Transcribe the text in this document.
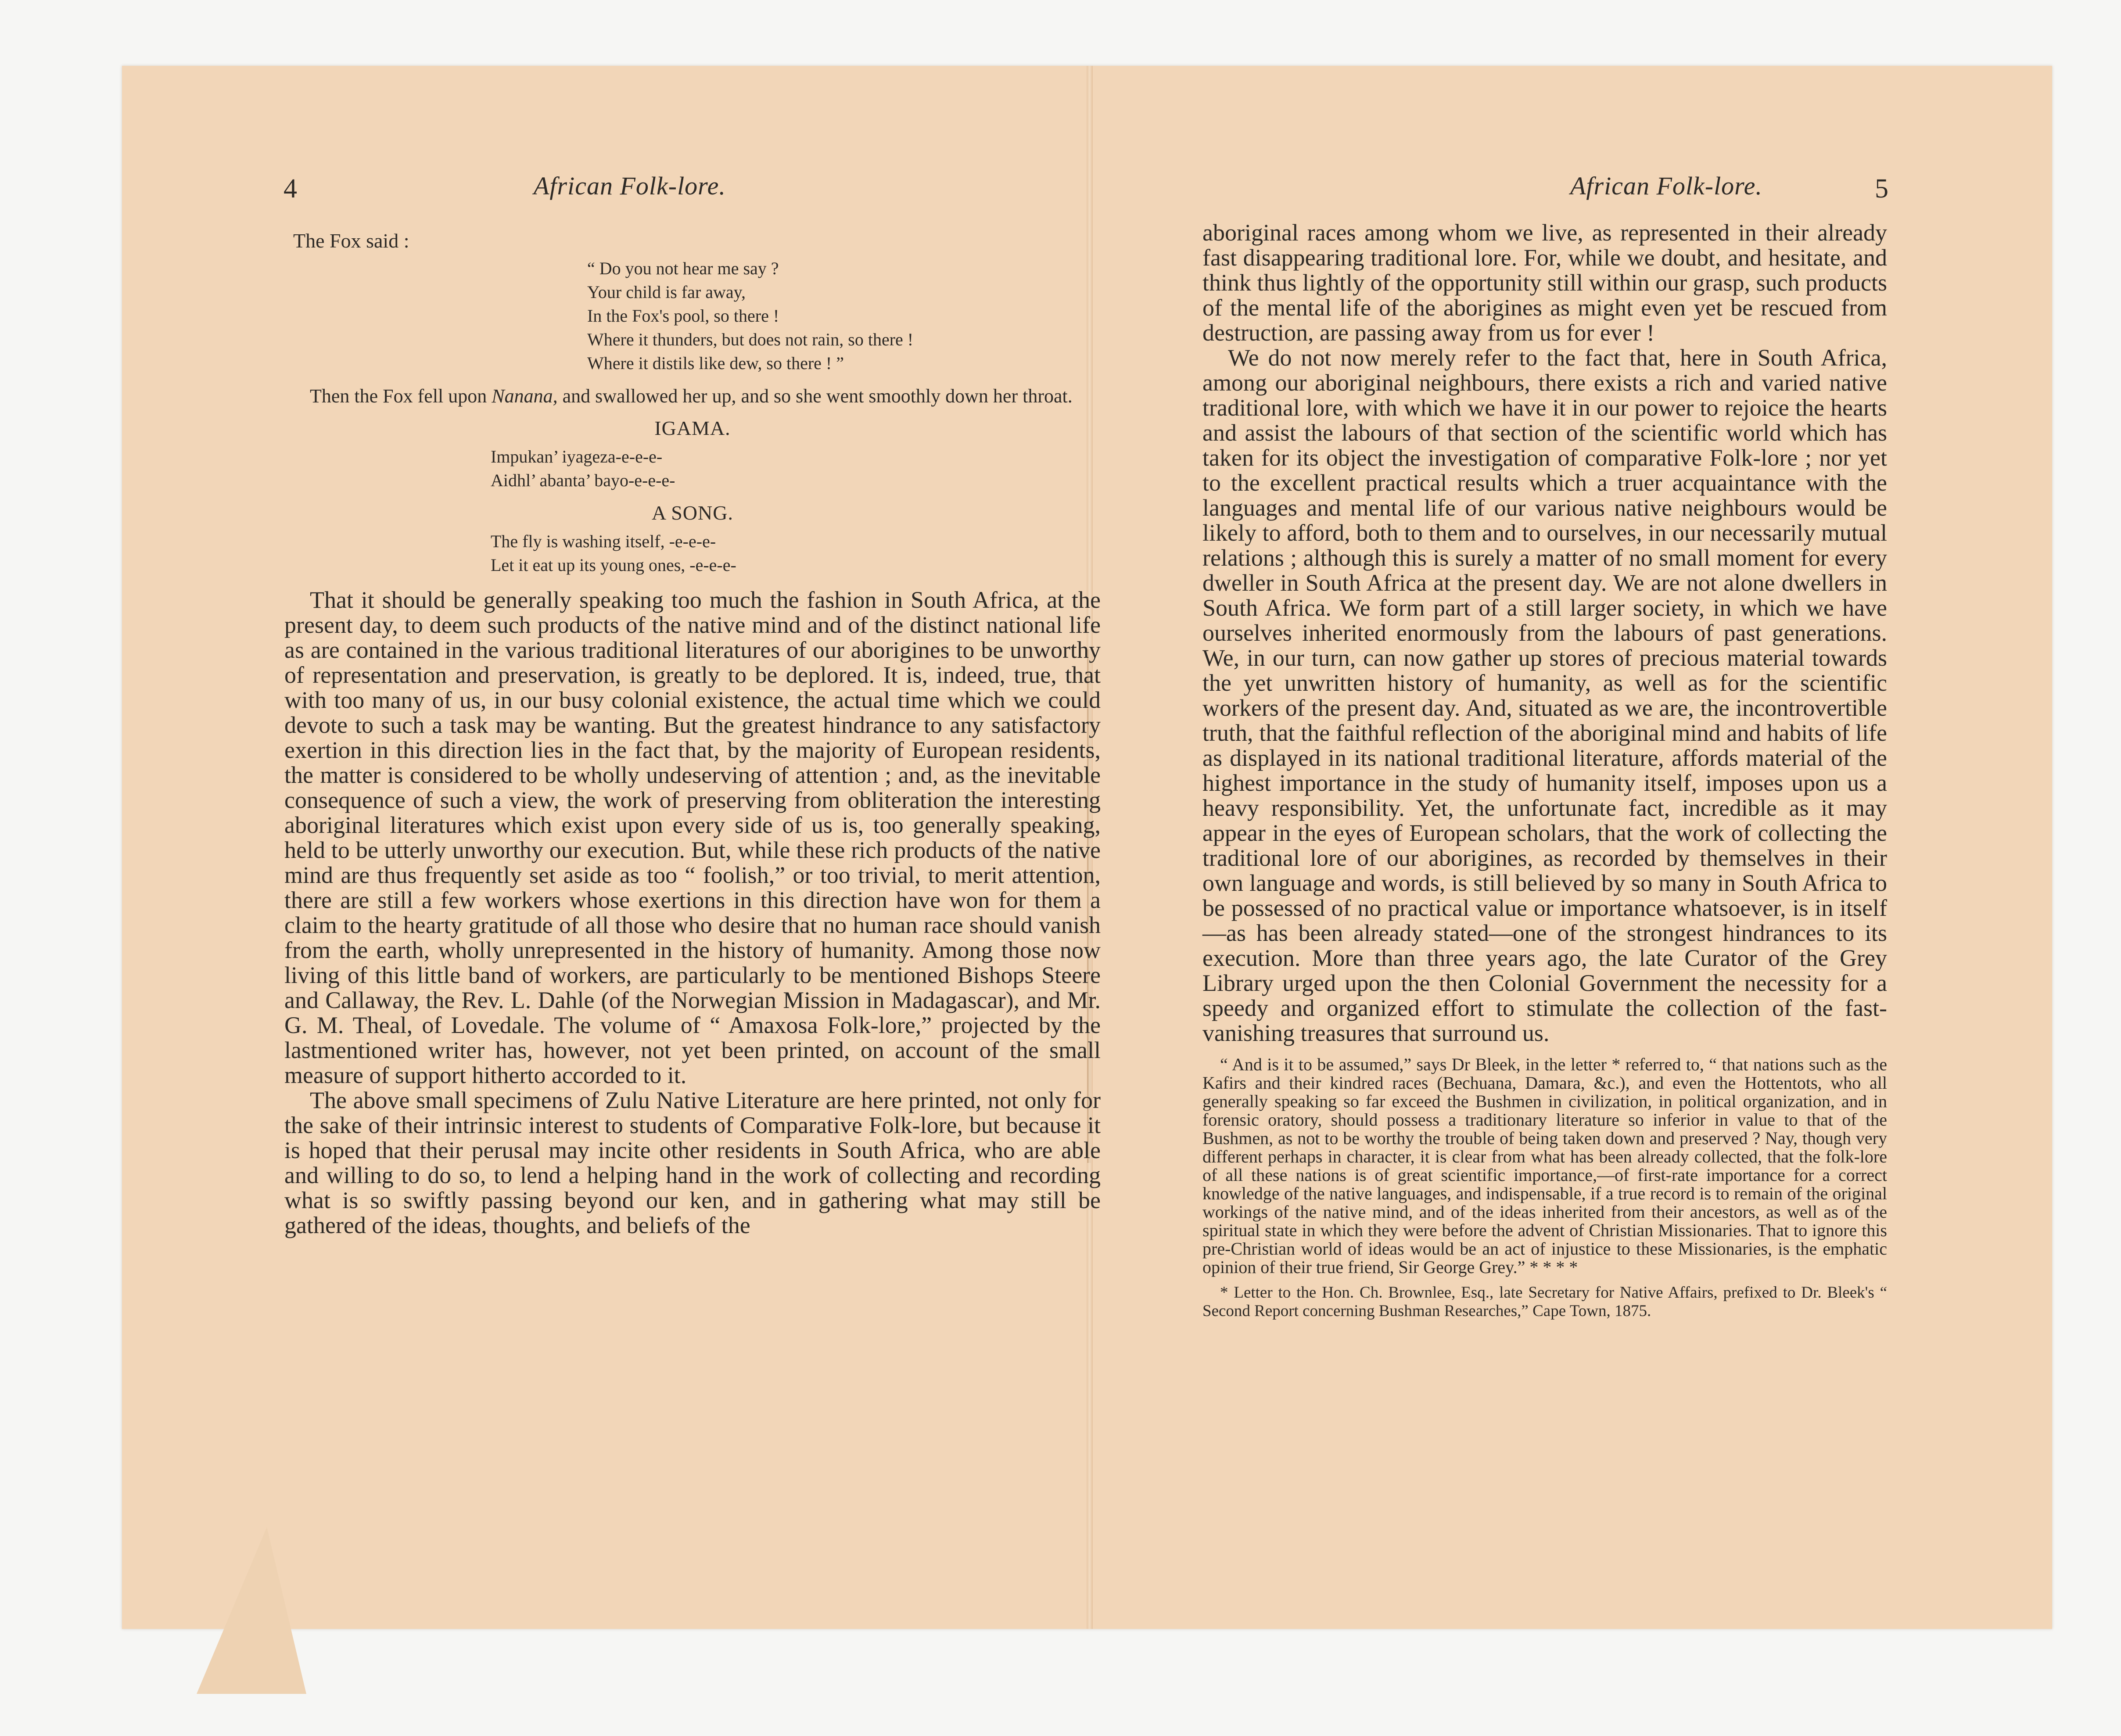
4	African Folk-lore.
The Fox said :
“ Do you not hear me say ?
Your child is far away,
In the Fox's pool, so there !
Where it thunders, but does not rain, so there !
Where it distils like dew, so there ! ”

Then the Fox fell upon Nanana, and swallowed her up, and so she went smoothly down her throat.

IGAMA.
Impukan’ iyageza-e-e-e-
Aidhl’ abanta’ bayo-e-e-e-
A SONG.
The fly is washing itself, -e-e-e-
Let it eat up its young ones, -e-e-e-

That it should be generally speaking too much the fashion in South Africa, at the present day, to deem such products of the native mind and of the distinct national life as are contained in the various traditional literatures of our aborigines to be unworthy of representation and preservation, is greatly to be deplored. It is, indeed, true, that with too many of us, in our busy colonial existence, the actual time which we could devote to such a task may be wanting. But the greatest hindrance to any satisfactory exertion in this direction lies in the fact that, by the majority of European residents, the matter is considered to be wholly undeserving of attention ; and, as the inevitable consequence of such a view, the work of preserving from obliteration the interesting aboriginal literatures which exist upon every side of us is, too generally speaking, held to be utterly unworthy our execution. But, while these rich products of the native mind are thus frequently set aside as too “ foolish,” or too trivial, to merit attention, there are still a few workers whose exertions in this direction have won for them a claim to the hearty gratitude of all those who desire that no human race should vanish from the earth, wholly unrepresented in the history of humanity. Among those now living of this little band of workers, are particularly to be mentioned Bishops Steere and Callaway, the Rev. L. Dahle (of the Norwegian Mission in Madagascar), and Mr. G. M. Theal, of Lovedale. The volume of “ Amaxosa Folk-lore,” projected by the lastmentioned writer has, however, not yet been printed, on account of the small measure of support hitherto accorded to it.

The above small specimens of Zulu Native Literature are here printed, not only for the sake of their intrinsic interest to students of Comparative Folk-lore, but because it is hoped that their perusal may incite other residents in South Africa, who are able and willing to do so, to lend a helping hand in the work of collecting and recording what is so swiftly passing beyond our ken, and in gathering what may still be gathered of the ideas, thoughts, and beliefs of the

African Folk-lore.	5

aboriginal races among whom we live, as represented in their already fast disappearing traditional lore. For, while we doubt, and hesitate, and think thus lightly of the opportunity still within our grasp, such products of the mental life of the aborigines as might even yet be rescued from destruction, are passing away from us for ever !

We do not now merely refer to the fact that, here in South Africa, among our aboriginal neighbours, there exists a rich and varied native traditional lore, with which we have it in our power to rejoice the hearts and assist the labours of that section of the scientific world which has taken for its object the investigation of comparative Folk-lore ; nor yet to the excellent practical results which a truer acquaintance with the languages and mental life of our various native neighbours would be likely to afford, both to them and to ourselves, in our necessarily mutual relations ; although this is surely a matter of no small moment for every dweller in South Africa at the present day. We are not alone dwellers in South Africa. We form part of a still larger society, in which we have ourselves inherited enormously from the labours of past generations. We, in our turn, can now gather up stores of precious material towards the yet unwritten history of humanity, as well as for the scientific workers of the present day. And, situated as we are, the incontrovertible truth, that the faithful reflection of the aboriginal mind and habits of life as displayed in its national traditional literature, affords material of the highest importance in the study of humanity itself, imposes upon us a heavy responsibility. Yet, the unfortunate fact, incredible as it may appear in the eyes of European scholars, that the work of collecting the traditional lore of our aborigines, as recorded by themselves in their own language and words, is still believed by so many in South Africa to be possessed of no practical value or importance whatsoever, is in itself—as has been already stated—one of the strongest hindrances to its execution. More than three years ago, the late Curator of the Grey Library urged upon the then Colonial Government the necessity for a speedy and organized effort to stimulate the collection of the fast-vanishing treasures that surround us.

“ And is it to be assumed,” says Dr Bleek, in the letter * referred to, “ that nations such as the Kafirs and their kindred races (Bechuana, Damara, &c.), and even the Hottentots, who all generally speaking so far exceed the Bushmen in civilization, in political organization, and in forensic oratory, should possess a traditionary literature so inferior in value to that of the Bushmen, as not to be worthy the trouble of being taken down and preserved ? Nay, though very different perhaps in character, it is clear from what has been already collected, that the folk-lore of all these nations is of great scientific importance,—of first-rate importance for a correct knowledge of the native languages, and indispensable, if a true record is to remain of the original workings of the native mind, and of the ideas inherited from their ancestors, as well as of the spiritual state in which they were before the advent of Christian Missionaries. That to ignore this pre-Christian world of ideas would be an act of injustice to these Missionaries, is the emphatic opinion of their true friend, Sir George Grey.” * * * *

* Letter to the Hon. Ch. Brownlee, Esq., late Secretary for Native Affairs, prefixed to Dr. Bleek's “ Second Report concerning Bushman Researches,” Cape Town, 1875.
